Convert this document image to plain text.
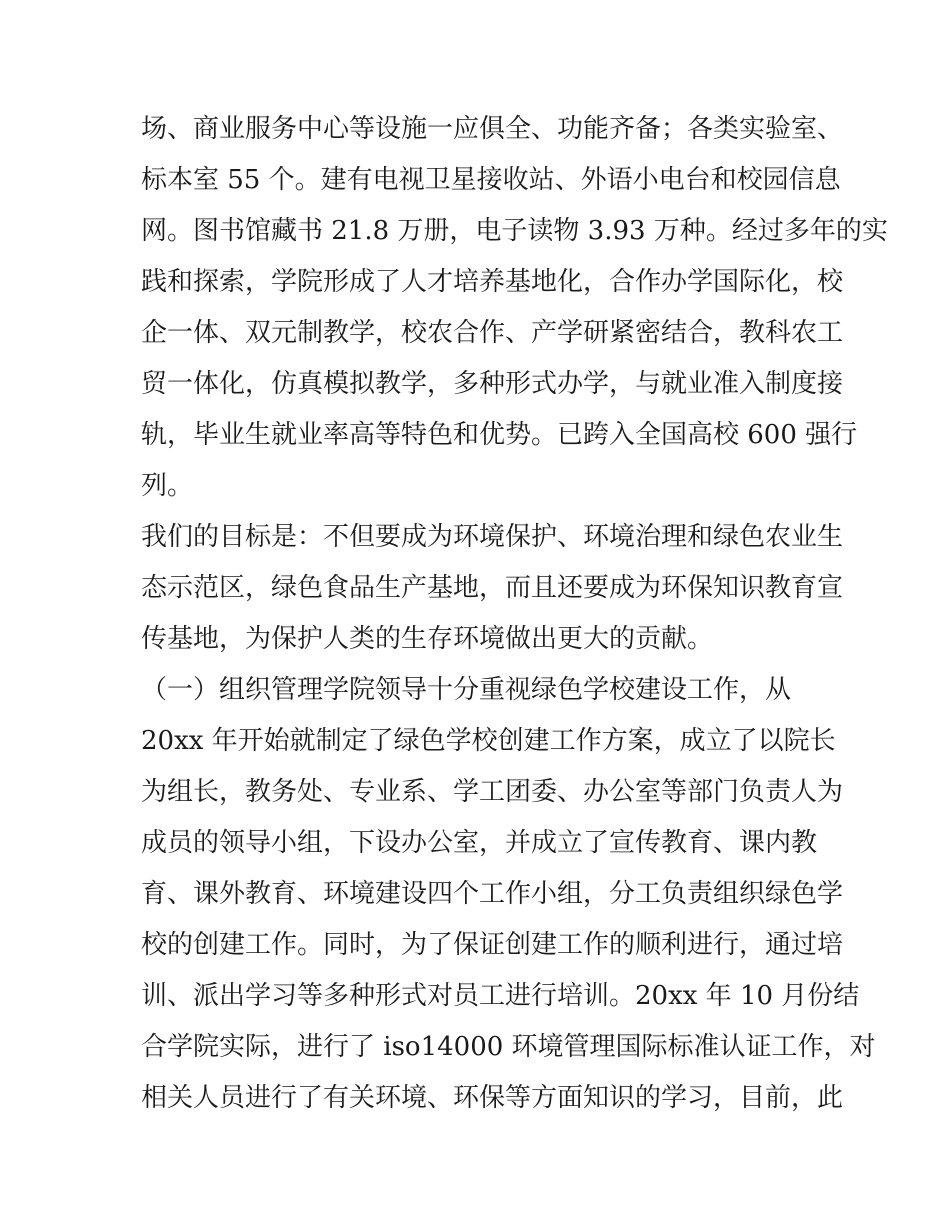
场、商业服务中心等设施一应俱全、功能齐备；各类实验室、
标本室 55 个。建有电视卫星接收站、外语小电台和校园信息
网。图书馆藏书 21.8 万册，电子读物 3.93 万种。经过多年的实
践和探索，学院形成了人才培养基地化，合作办学国际化，校
企一体、双元制教学，校农合作、产学研紧密结合，教科农工
贸一体化，仿真模拟教学，多种形式办学，与就业准入制度接
轨，毕业生就业率高等特色和优势。已跨入全国高校 600 强行
列。
我们的目标是：不但要成为环境保护、环境治理和绿色农业生
态示范区，绿色食品生产基地，而且还要成为环保知识教育宣
传基地，为保护人类的生存环境做出更大的贡献。
（一）组织管理学院领导十分重视绿色学校建设工作，从
20xx 年开始就制定了绿色学校创建工作方案，成立了以院长
为组长，教务处、专业系、学工团委、办公室等部门负责人为
成员的领导小组，下设办公室，并成立了宣传教育、课内教
育、课外教育、环境建设四个工作小组，分工负责组织绿色学
校的创建工作。同时，为了保证创建工作的顺利进行，通过培
训、派出学习等多种形式对员工进行培训。20xx 年 10 月份结
合学院实际，进行了 iso14000 环境管理国际标准认证工作，对
相关人员进行了有关环境、环保等方面知识的学习，目前，此
